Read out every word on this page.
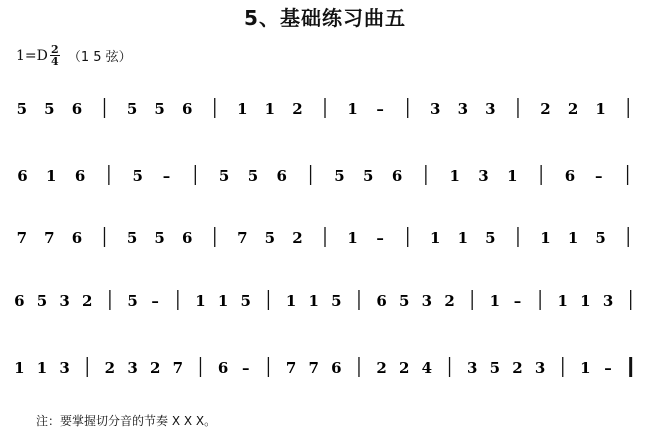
5、基础练习曲五
$1=D \frac{2}{4} (1$ 5 弦）
5 5 6	5 5 6	1 1 2	1 –	3 3 3	2 2 1
6 1 6	5 –	5 5 6	5 5 6	1 3 1	6 –
7 7 6	5 5 6	7 5 2	1 –	1 1 5	1 1 5
6 5 3 2 5 – 1 1 5 1 1 5 6 5 3 2 1 – 1 1 3
1 1 3 2 3 2 7 6 – 7 7 6 2 2 4 3 5 2 3 1 –
注：要掌握切分音的节奏 X X X。
